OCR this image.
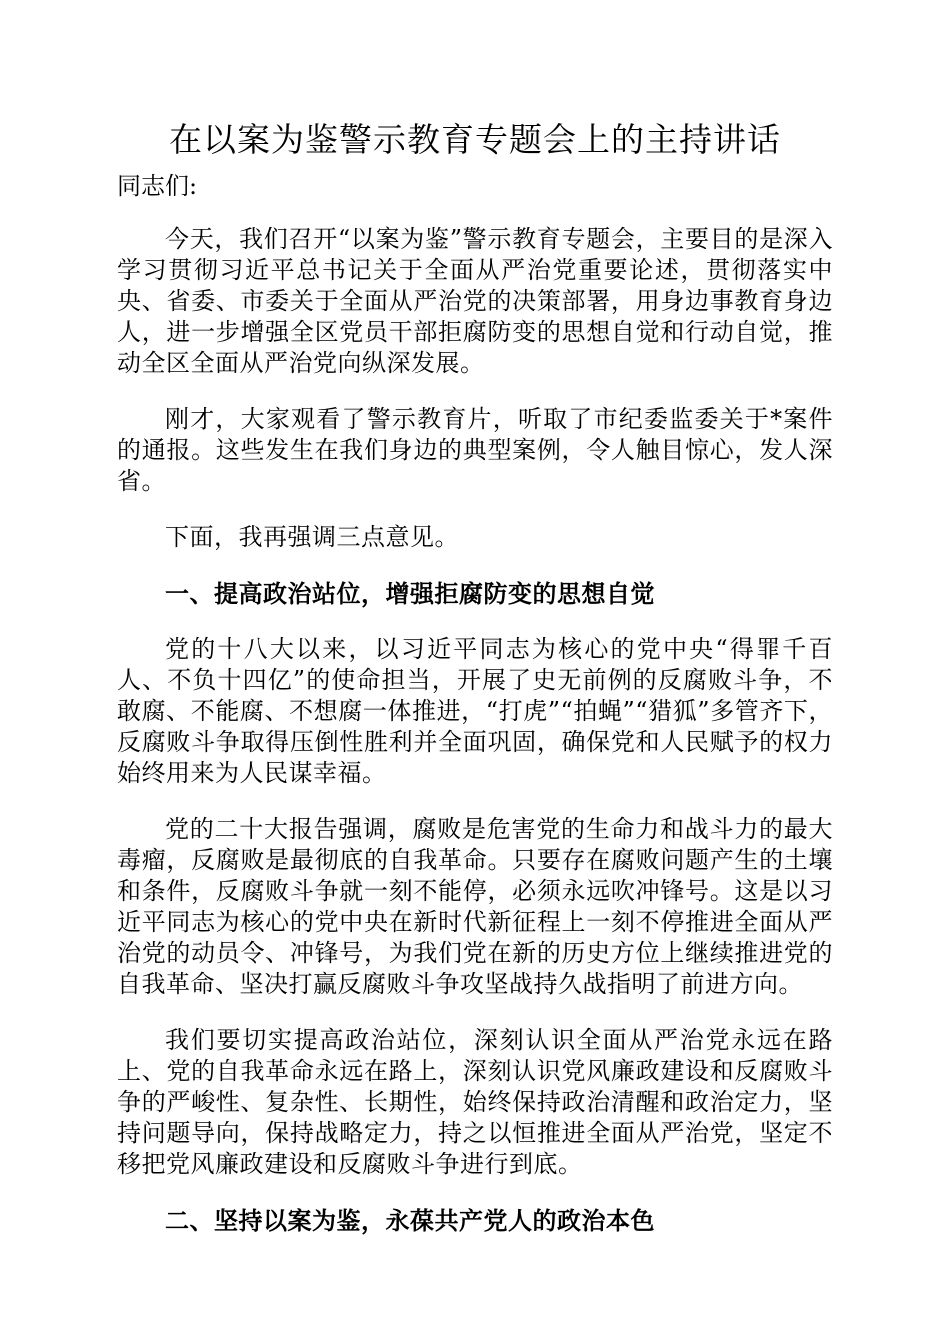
在以案为鉴警示教育专题会上的主持讲话

同志们:

今天，我们召开“以案为鉴”警示教育专题会，主要目的是深入学习贯彻习近平总书记关于全面从严治党重要论述，贯彻落实中央、省委、市委关于全面从严治党的决策部署，用身边事教育身边人，进一步增强全区党员干部拒腐防变的思想自觉和行动自觉，推动全区全面从严治党向纵深发展。

刚才，大家观看了警示教育片，听取了市纪委监委关于*案件的通报。这些发生在我们身边的典型案例，令人触目惊心，发人深省。

下面，我再强调三点意见。

一、提高政治站位，增强拒腐防变的思想自觉

党的十八大以来，以习近平同志为核心的党中央“得罪千百人、不负十四亿”的使命担当，开展了史无前例的反腐败斗争，不敢腐、不能腐、不想腐一体推进，“打虎”“拍蝇”“猎狐”多管齐下，反腐败斗争取得压倒性胜利并全面巩固，确保党和人民赋予的权力始终用来为人民谋幸福。

党的二十大报告强调，腐败是危害党的生命力和战斗力的最大毒瘤，反腐败是最彻底的自我革命。只要存在腐败问题产生的土壤和条件，反腐败斗争就一刻不能停，必须永远吹冲锋号。这是以习近平同志为核心的党中央在新时代新征程上一刻不停推进全面从严治党的动员令、冲锋号，为我们党在新的历史方位上继续推进党的自我革命、坚决打赢反腐败斗争攻坚战持久战指明了前进方向。

我们要切实提高政治站位，深刻认识全面从严治党永远在路上、党的自我革命永远在路上，深刻认识党风廉政建设和反腐败斗争的严峻性、复杂性、长期性，始终保持政治清醒和政治定力，坚持问题导向，保持战略定力，持之以恒推进全面从严治党，坚定不移把党风廉政建设和反腐败斗争进行到底。

二、坚持以案为鉴，永葆共产党人的政治本色
